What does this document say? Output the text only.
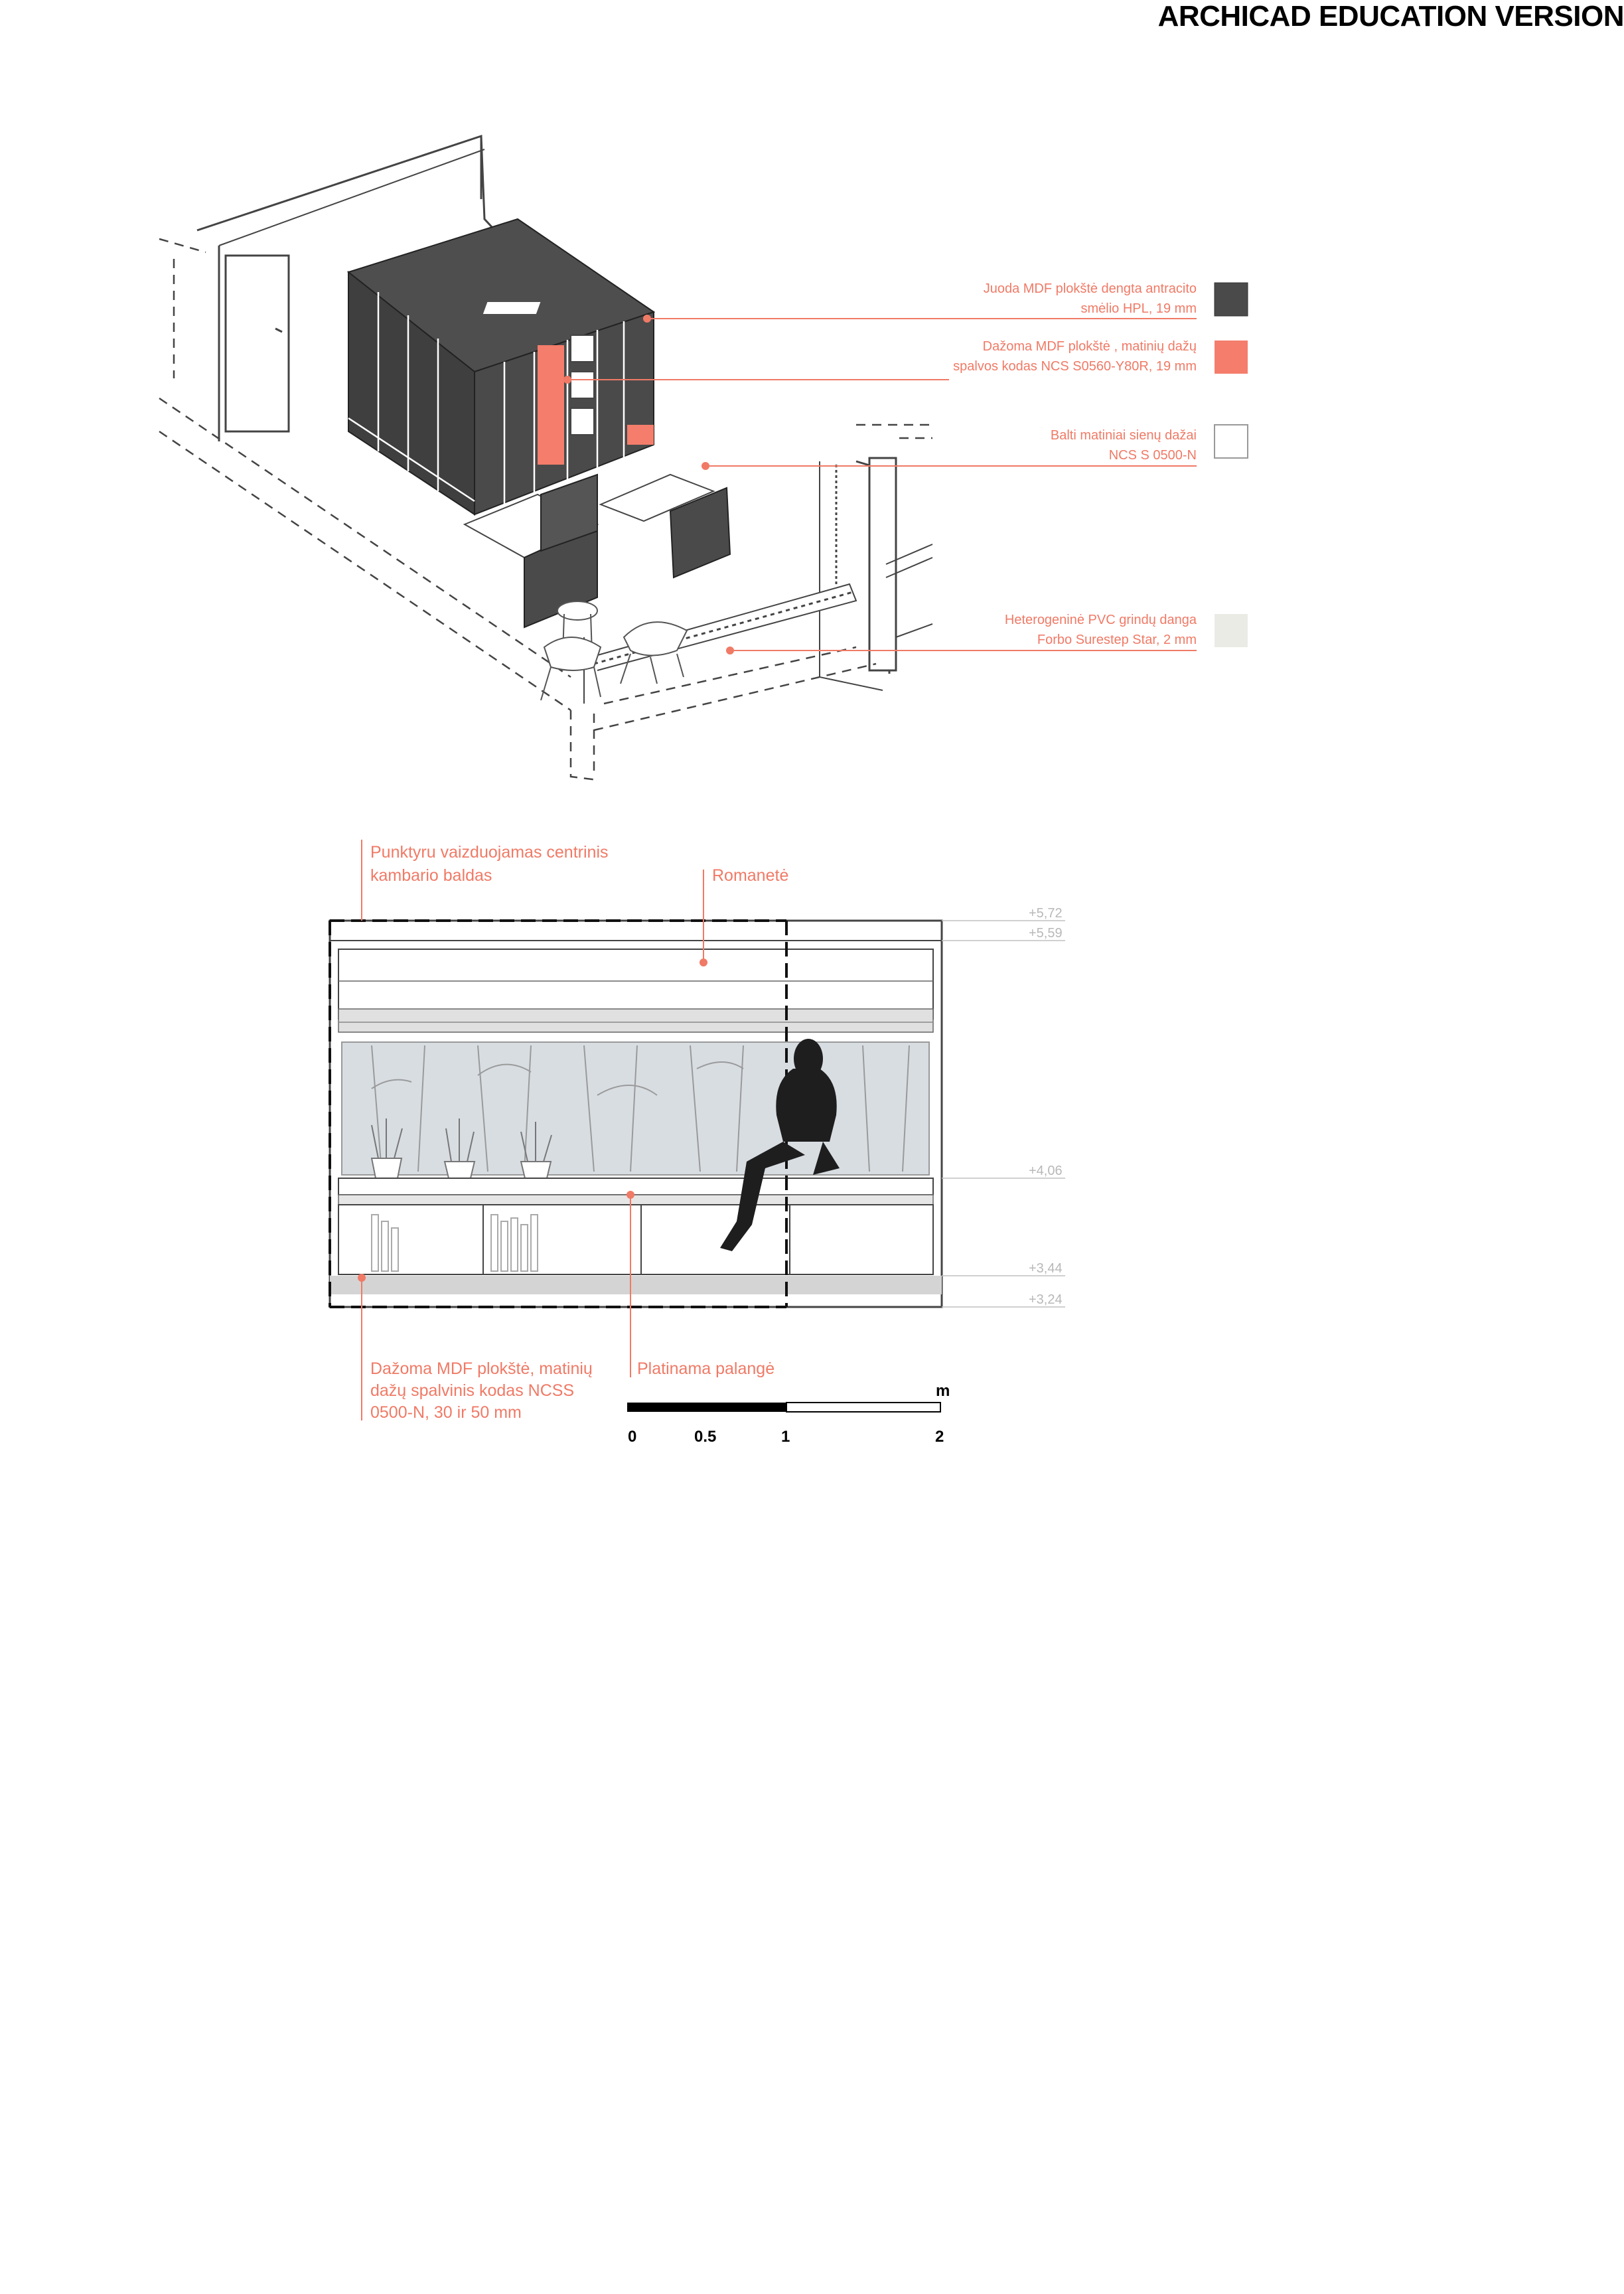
ARCHICAD EDUCATION VERSION
Juoda MDF plokštė dengta antracito
smėlio HPL, 19 mm
Dažoma MDF plokštė , matinių dažų
spalvos kodas NCS S0560-Y80R, 19 mm
Balti matiniai sienų dažai
NCS S 0500-N
Heterogeninė PVC grindų danga
Forbo Surestep Star, 2 mm
+5,72
+5,59
+4,06
+3,44
+3,24
Punktyru vaizduojamas centrinis
kambario baldas	Romanetė
Dažoma MDF plokštė, matinių
dažų spalvinis kodas NCSS
0500-N, 30 ir 50 mm
Platinama palangė
m
0	0.5	1	2
